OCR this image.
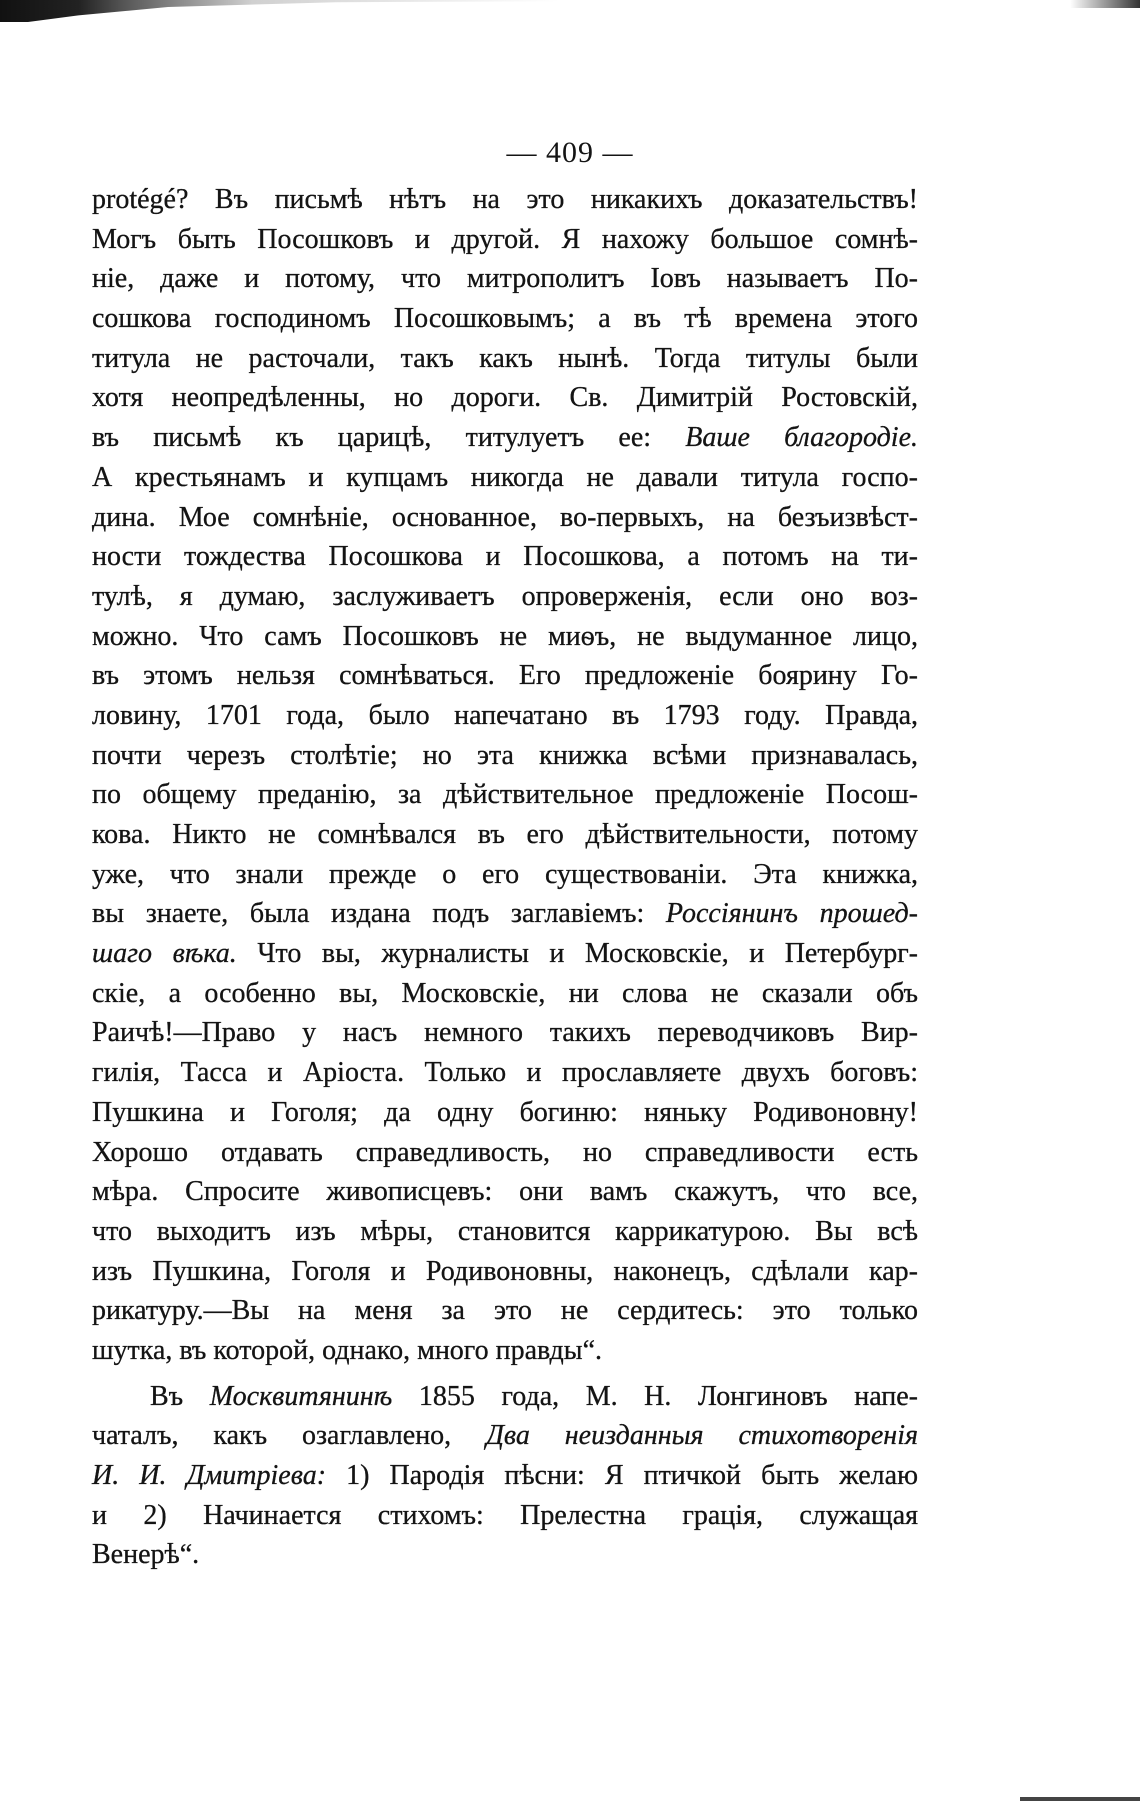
— 409 —
protégé? Въ письмѣ нѣтъ на это никакихъ доказательствъ!
Могъ быть Посошковъ и другой. Я нахожу большое сомнѣ-
ніе, даже и потому, что митрополитъ Іовъ называетъ По-
сошкова господиномъ Посошковымъ; а въ тѣ времена этого
титула не расточали, такъ какъ нынѣ. Тогда титулы были
хотя неопредѣленны, но дороги. Св. Димитрій Ростовскій,
въ письмѣ къ царицѣ, титулуетъ ее: Ваше благородіе.
А крестьянамъ и купцамъ никогда не давали титула госпо-
дина. Мое сомнѣніе, основанное, во-первыхъ, на безъизвѣст-
ности тождества Посошкова и Посошкова, а потомъ на ти-
тулѣ, я думаю, заслуживаетъ опроверженія, если оно воз-
можно. Что самъ Посошковъ не миѳъ, не выдуманное лицо,
въ этомъ нельзя сомнѣваться. Его предложеніе боярину Го-
ловину, 1701 года, было напечатано въ 1793 году. Правда,
почти черезъ столѣтіе; но эта книжка всѣми признавалась,
по общему преданію, за дѣйствительное предложеніе Посош-
кова. Никто не сомнѣвался въ его дѣйствительности, потому
уже, что знали прежде о его существованіи. Эта книжка,
вы знаете, была издана подъ заглавіемъ: Россіянинъ прошед-
шаго вѣка. Что вы, журналисты и Московскіе, и Петербург-
скіе, а особенно вы, Московскіе, ни слова не сказали объ
Раичѣ!—Право у насъ немного такихъ переводчиковъ Вир-
гилія, Тасса и Аріоста. Только и прославляете двухъ боговъ:
Пушкина и Гоголя; да одну богиню: няньку Родивоновну!
Хорошо отдавать справедливость, но справедливости есть
мѣра. Спросите живописцевъ: они вамъ скажутъ, что все,
что выходитъ изъ мѣры, становится каррикатурою. Вы всѣ
изъ Пушкина, Гоголя и Родивоновны, наконецъ, сдѣлали кар-
рикатуру.—Вы на меня за это не сердитесь: это только
шутка, въ которой, однако, много правды“.
Въ Москвитянинѣ 1855 года, М. Н. Лонгиновъ напе-
чаталъ, какъ озаглавлено, Два неизданныя стихотворенія
И. И. Дмитріева: 1) Пародія пѣсни: Я птичкой быть желаю
и 2) Начинается стихомъ: Прелестна грація, служащая
Венерѣ“.
